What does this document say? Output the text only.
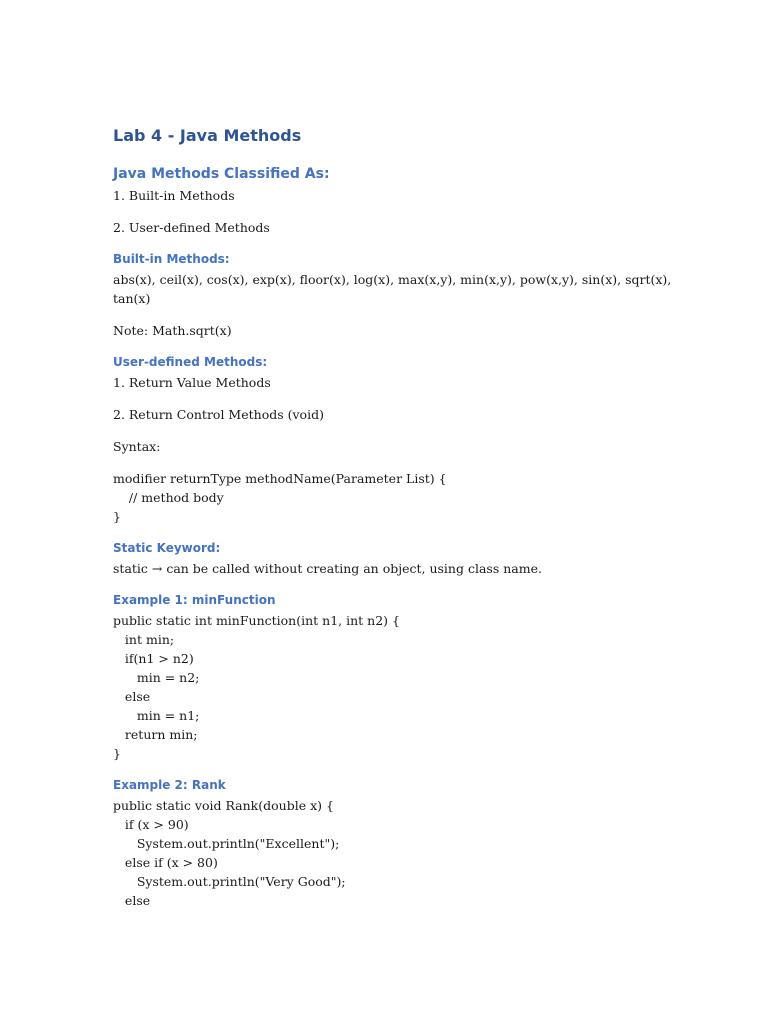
Lab 4 - Java Methods
Java Methods Classified As:
1. Built-in Methods
2. User-defined Methods
Built-in Methods:
abs(x), ceil(x), cos(x), exp(x), floor(x), log(x), max(x,y), min(x,y), pow(x,y), sin(x), sqrt(x), tan(x)
Note: Math.sqrt(x)
User-defined Methods:
1. Return Value Methods
2. Return Control Methods (void)
Syntax:
modifier returnType methodName(Parameter List) {
// method body
}
Static Keyword:
static → can be called without creating an object, using class name.
Example 1: minFunction
public static int minFunction(int n1, int n2) {
int min;
if(n1 > n2)
min = n2;
else
min = n1;
return min;
}
Example 2: Rank
public static void Rank(double x) {
if (x > 90)
System.out.println("Excellent");
else if (x > 80)
System.out.println("Very Good");
else
